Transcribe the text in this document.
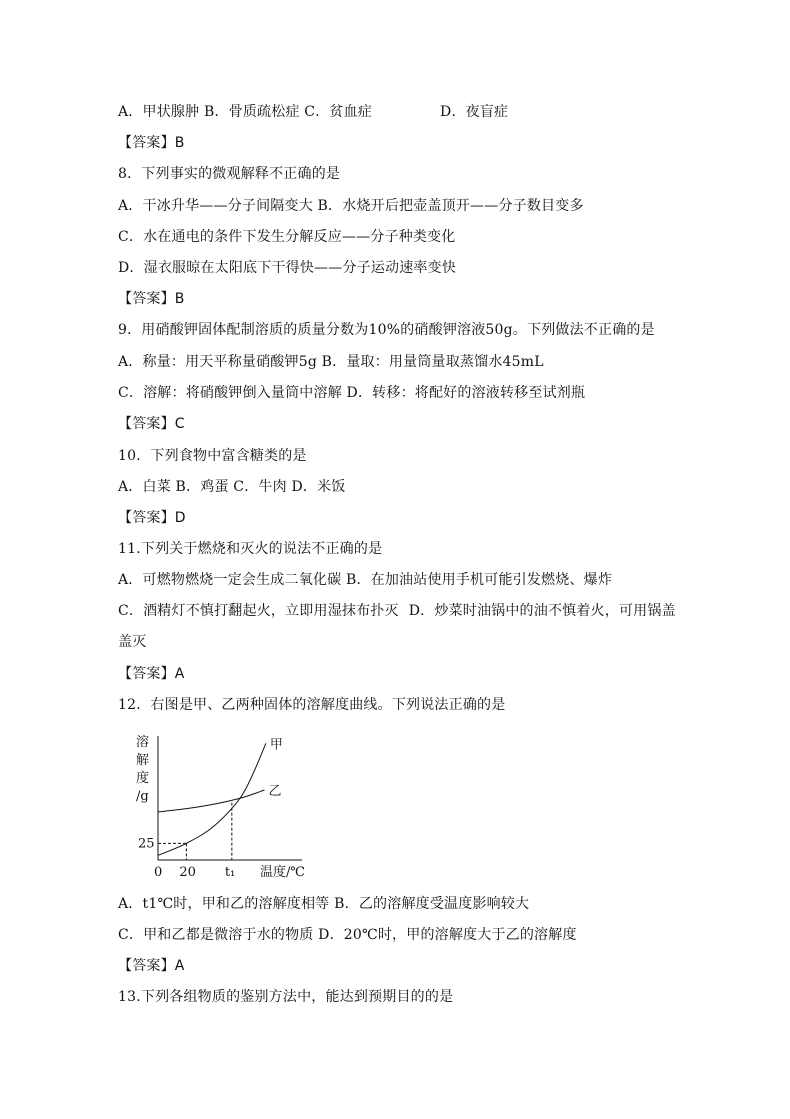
A．甲状腺肿 B．骨质疏松症 C．贫血症	D．夜盲症
【答案】B
8．下列事实的微观解释不正确的是
A．干冰升华——分子间隔变大 B．水烧开后把壶盖顶开——分子数目变多
C．水在通电的条件下发生分解反应——分子种类变化
D．湿衣服晾在太阳底下干得快——分子运动速率变快
【答案】B
9．用硝酸钾固体配制溶质的质量分数为10%的硝酸钾溶液50g。下列做法不正确的是
A．称量：用天平称量硝酸钾5g B．量取：用量筒量取蒸馏水45mL
C．溶解：将硝酸钾倒入量筒中溶解 D．转移：将配好的溶液转移至试剂瓶
【答案】C
10．下列食物中富含糖类的是
A．白菜 B．鸡蛋 C．牛肉 D．米饭
【答案】D
11.下列关于燃烧和灭火的说法不正确的是
A．可燃物燃烧一定会生成二氧化碳 B．在加油站使用手机可能引发燃烧、爆炸
C．酒精灯不慎打翻起火，立即用湿抹布扑灭 D．炒菜时油锅中的油不慎着火，可用锅盖
盖灭
【答案】A
12．右图是甲、乙两种固体的溶解度曲线。下列说法正确的是
甲
乙
溶
解
度
/g
0 20 t₁
25
温度/℃
A．t1℃时，甲和乙的溶解度相等 B．乙的溶解度受温度影响较大
C．甲和乙都是微溶于水的物质 D．20℃时，甲的溶解度大于乙的溶解度
【答案】A
13.下列各组物质的鉴别方法中，能达到预期目的的是
